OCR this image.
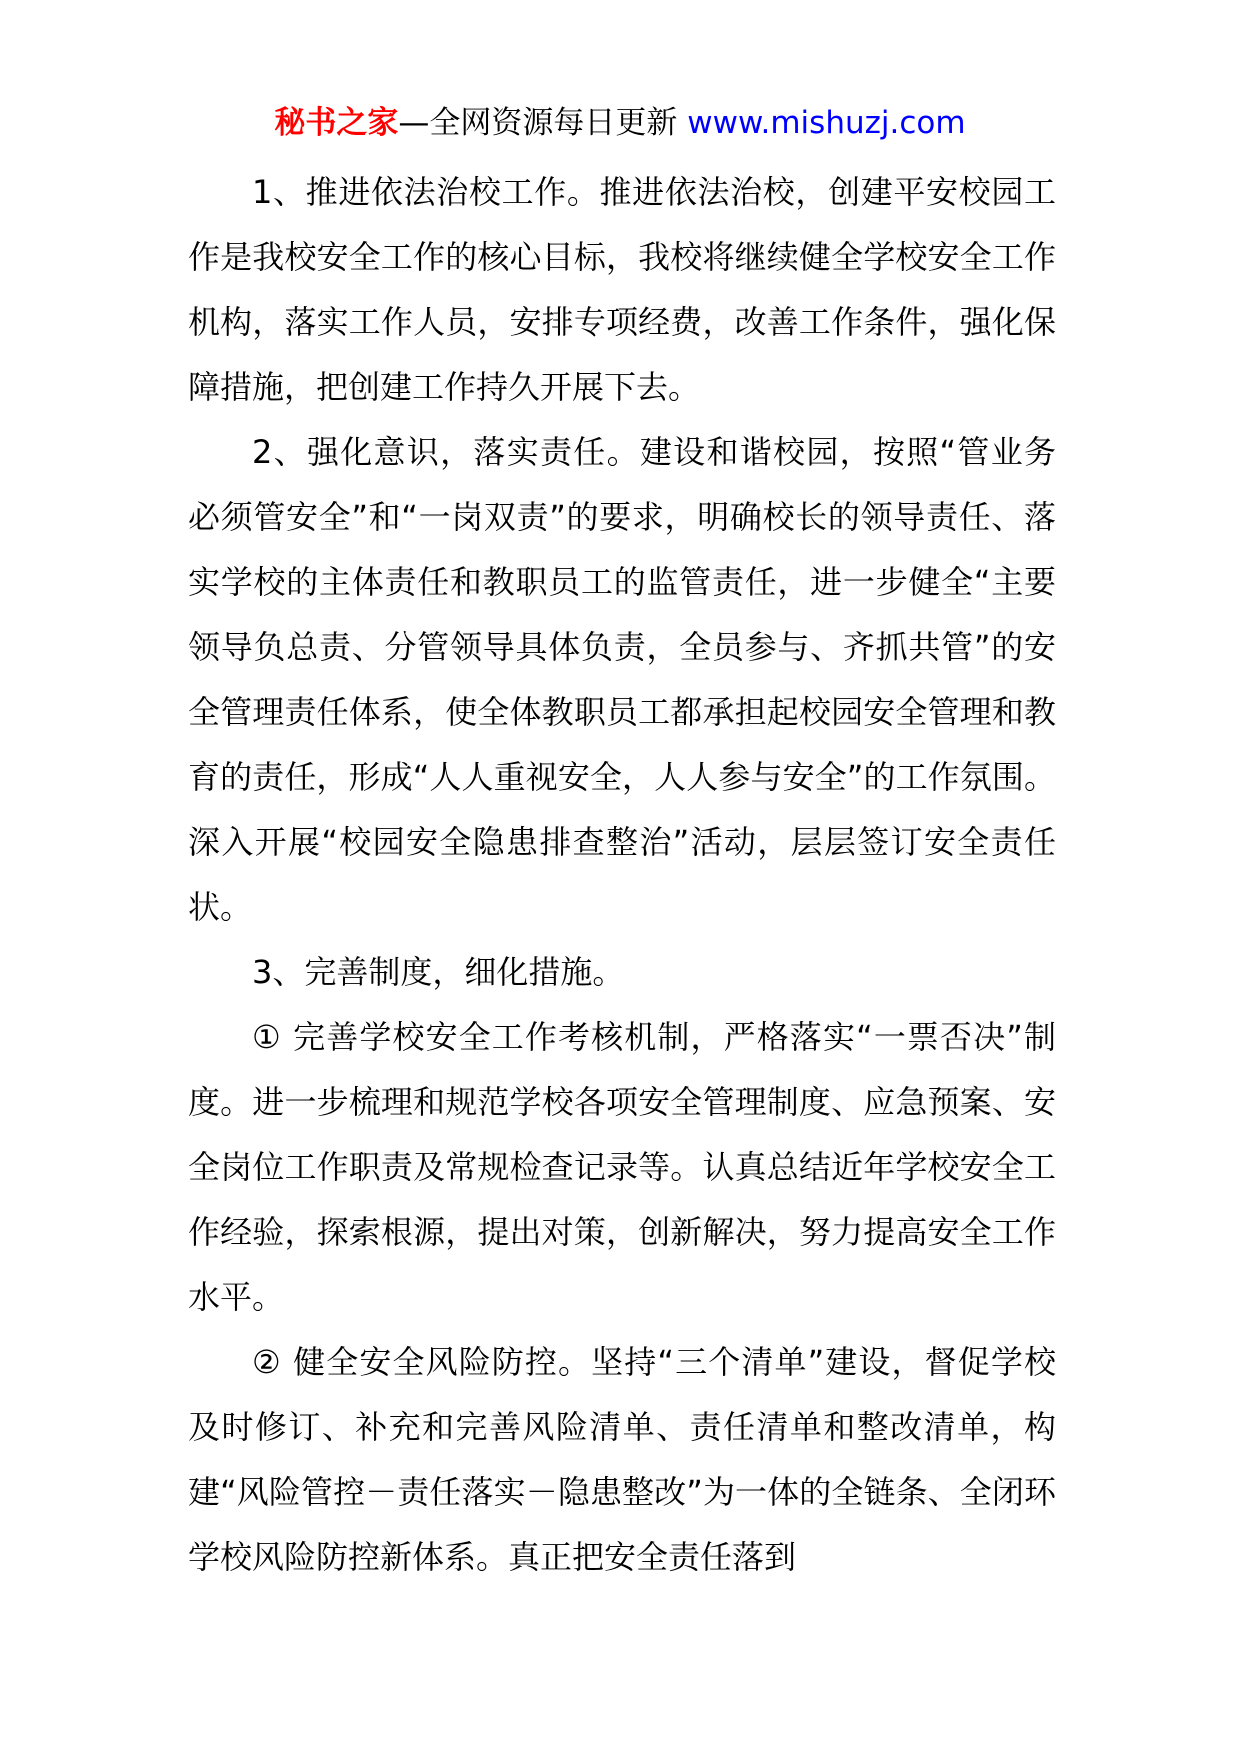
秘书之家—全网资源每日更新 www.mishuzj.com

1、推进依法治校工作。推进依法治校，创建平安校园工作是我校安全工作的核心目标，我校将继续健全学校安全工作机构，落实工作人员，安排专项经费，改善工作条件，强化保障措施，把创建工作持久开展下去。

2、强化意识，落实责任。建设和谐校园，按照“管业务必须管安全”和“一岗双责”的要求，明确校长的领导责任、落实学校的主体责任和教职员工的监管责任，进一步健全“主要领导负总责、分管领导具体负责，全员参与、齐抓共管”的安全管理责任体系，使全体教职员工都承担起校园安全管理和教育的责任，形成“人人重视安全，人人参与安全”的工作氛围。深入开展“校园安全隐患排查整治”活动，层层签订安全责任状。

3、完善制度，细化措施。

① 完善学校安全工作考核机制，严格落实“一票否决”制度。进一步梳理和规范学校各项安全管理制度、应急预案、安全岗位工作职责及常规检查记录等。认真总结近年学校安全工作经验，探索根源，提出对策，创新解决，努力提高安全工作水平。

② 健全安全风险防控。坚持“三个清单”建设，督促学校及时修订、补充和完善风险清单、责任清单和整改清单，构建“风险管控－责任落实－隐患整改”为一体的全链条、全闭环学校风险防控新体系。真正把安全责任落到
